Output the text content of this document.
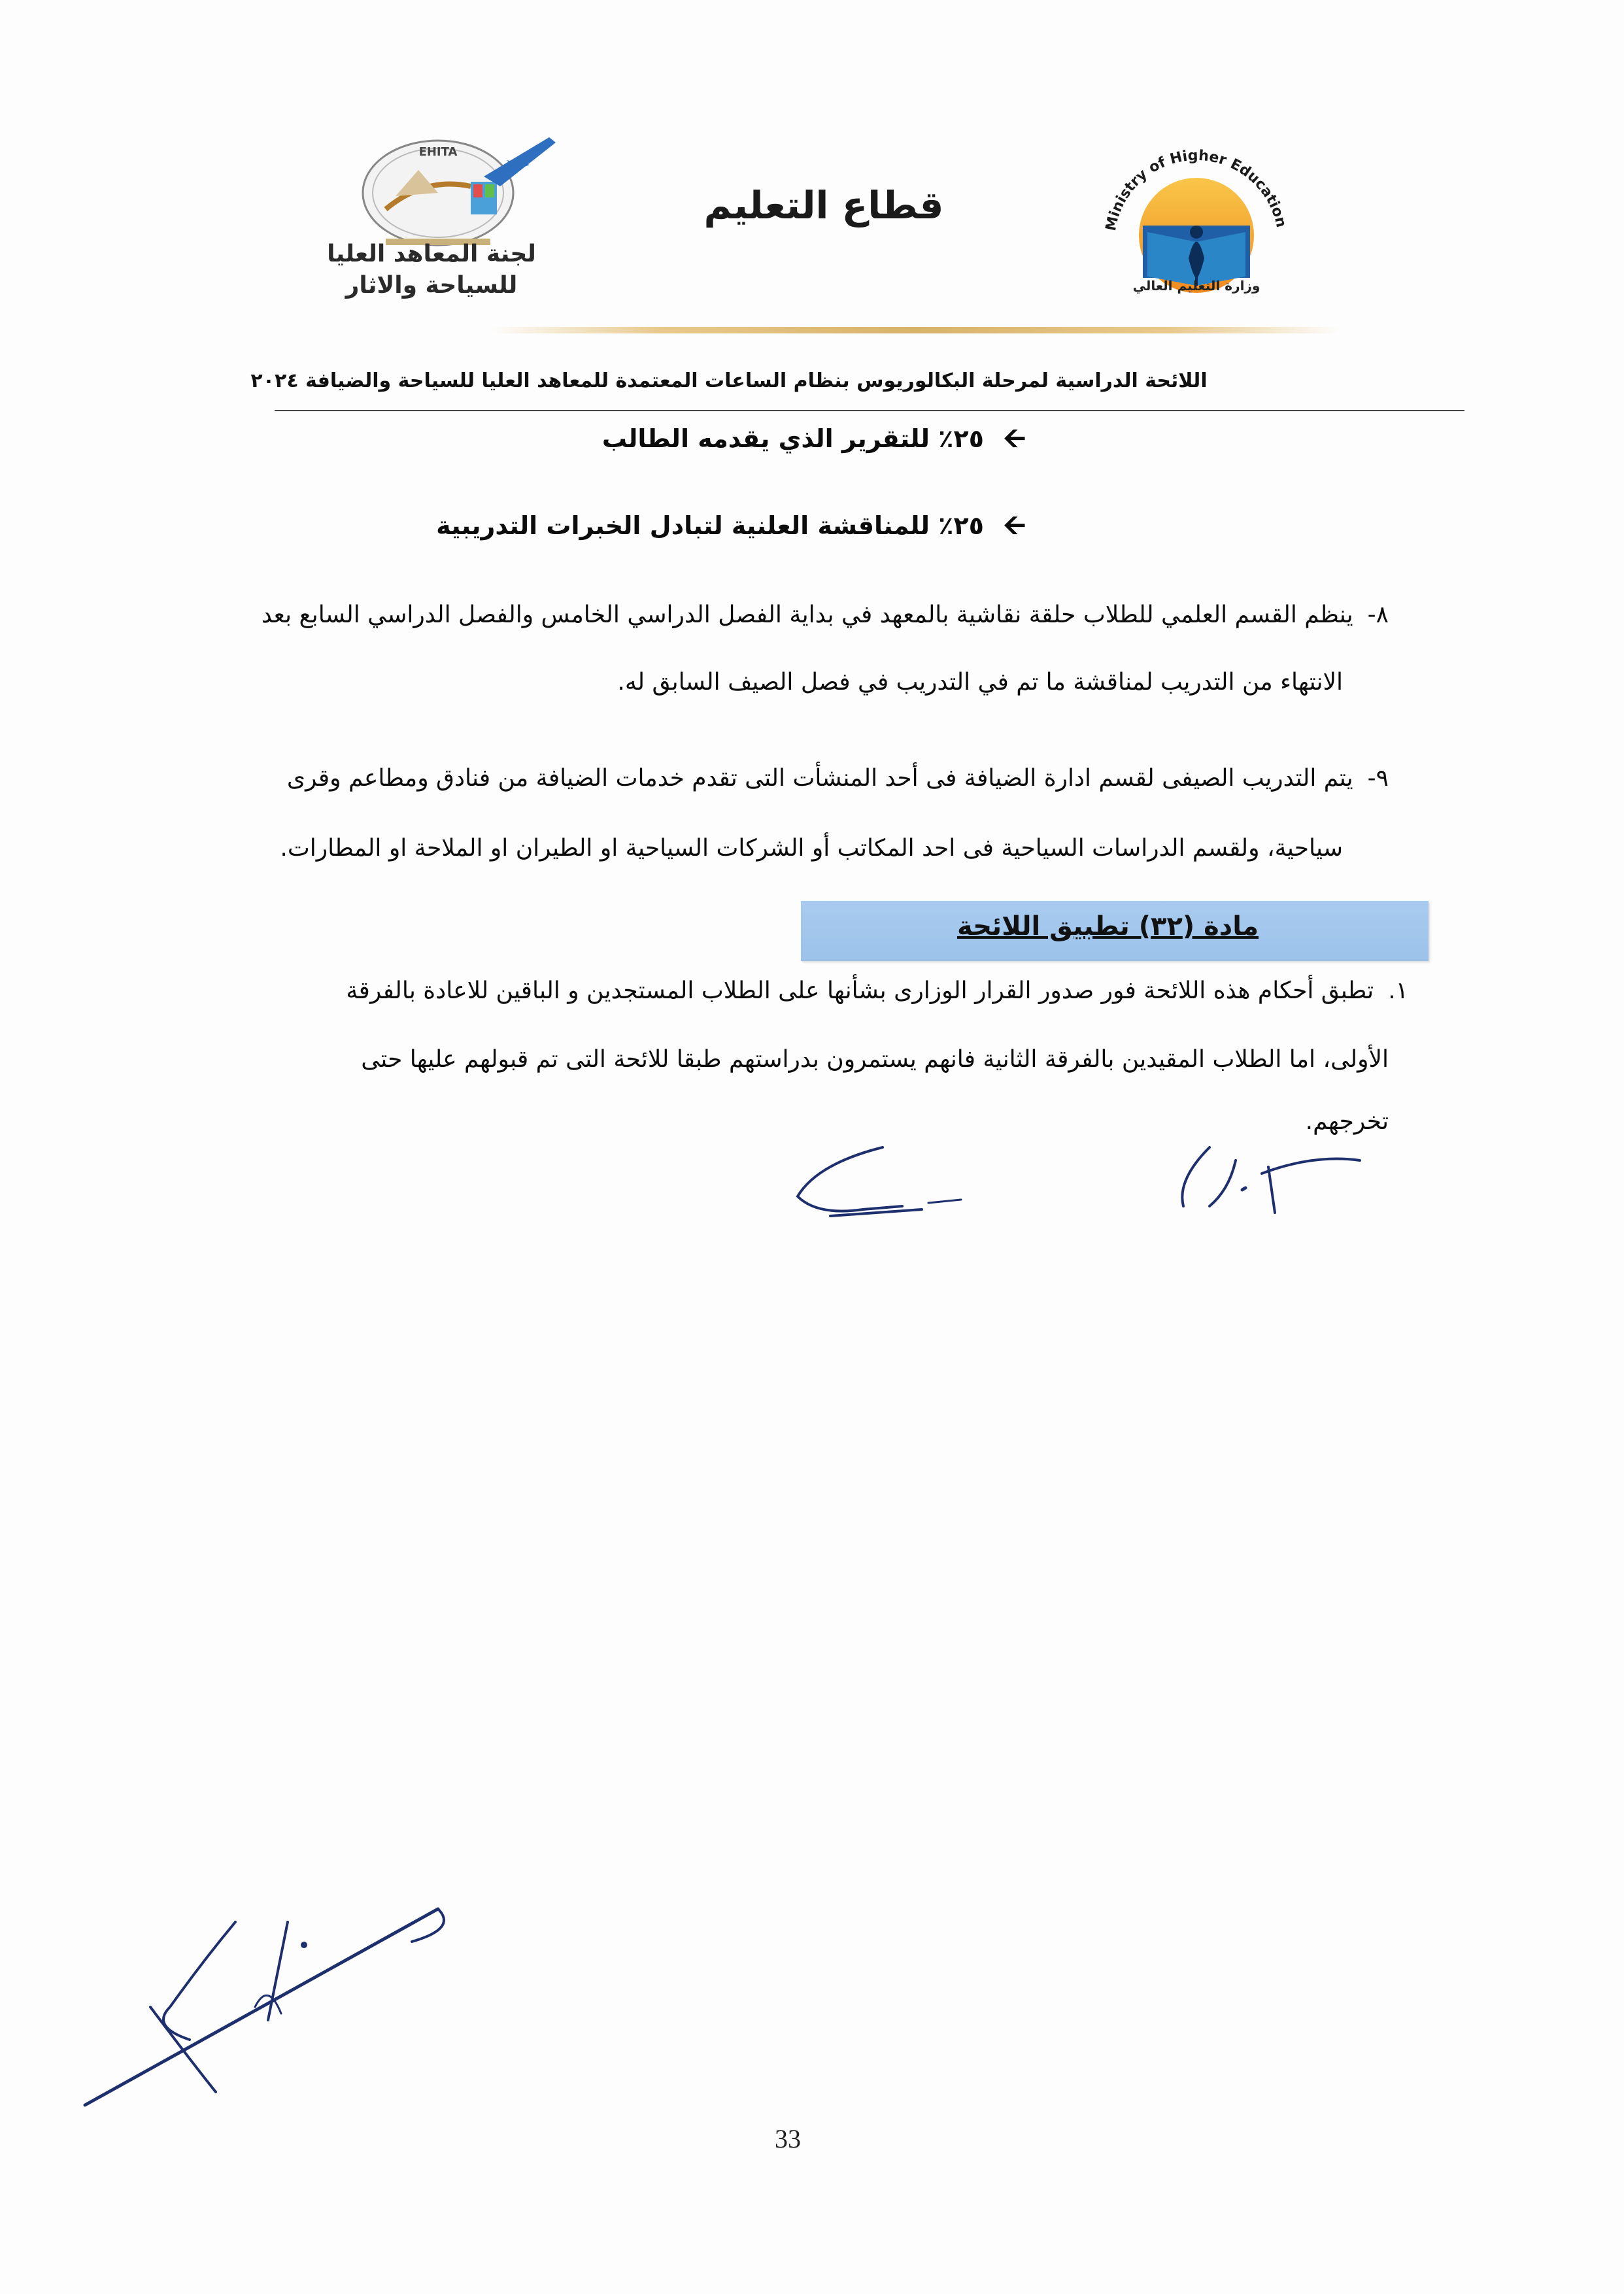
Ministry of Higher Education
وزارة التعليم العالي
قطاع التعليم
EHITA
لجنة المعاهد العليا
للسياحة والاثار
اللائحة الدراسية لمرحلة البكالوريوس بنظام الساعات المعتمدة للمعاهد العليا للسياحة والضيافة ٢٠٢٤
🡨٢٥٪ للتقرير الذي يقدمه الطالب
🡨٢٥٪ للمناقشة العلنية لتبادل الخبرات التدريبية
٨-ينظم القسم العلمي للطلاب حلقة نقاشية بالمعهد في بداية الفصل الدراسي الخامس والفصل الدراسي السابع بعد
الانتهاء من التدريب لمناقشة ما تم في التدريب في فصل الصيف السابق له.
٩-يتم التدريب الصيفى لقسم ادارة الضيافة فى أحد المنشأت التى تقدم خدمات الضيافة من فنادق ومطاعم وقرى
سياحية، ولقسم الدراسات السياحية فى احد المكاتب أو الشركات السياحية او الطيران او الملاحة او المطارات.
مادة (٣٢) تطبيق اللائحة
١.تطبق أحكام هذه اللائحة فور صدور القرار الوزارى بشأنها على الطلاب المستجدين و الباقين للاعادة بالفرقة
الأولى، اما الطلاب المقيدين بالفرقة الثانية فانهم يستمرون بدراستهم طبقا للائحة التى تم قبولهم عليها حتى
تخرجهم.
33
